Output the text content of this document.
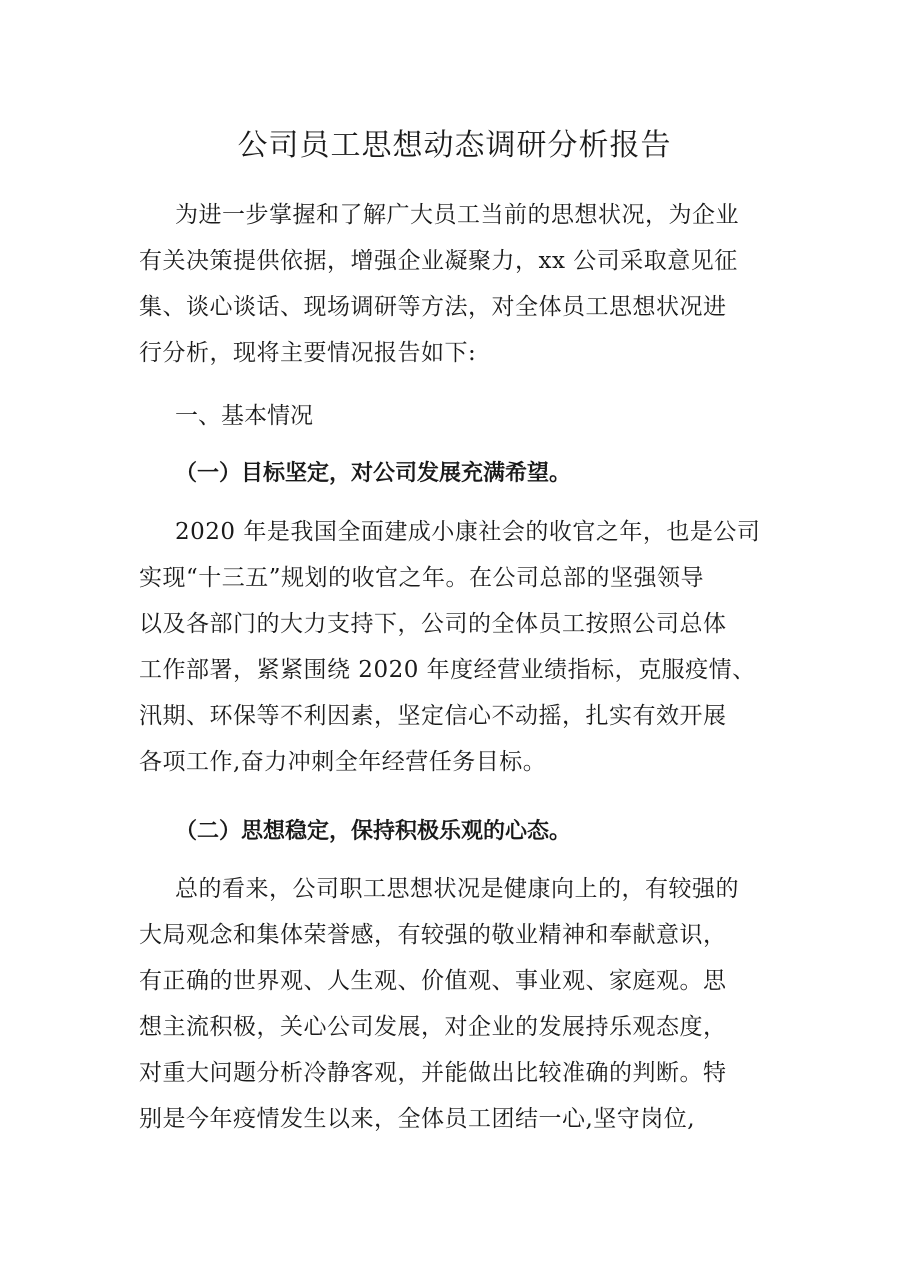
公司员工思想动态调研分析报告
为进一步掌握和了解广大员工当前的思想状况，为企业
有关决策提供依据，增强企业凝聚力，xx 公司采取意见征
集、谈心谈话、现场调研等方法，对全体员工思想状况进
行分析，现将主要情况报告如下:
一、基本情况
（一）目标坚定，对公司发展充满希望。
2020 年是我国全面建成小康社会的收官之年，也是公司
实现“十三五”规划的收官之年。在公司总部的坚强领导
以及各部门的大力支持下，公司的全体员工按照公司总体
工作部署，紧紧围绕 2020 年度经营业绩指标，克服疫情、
汛期、环保等不利因素，坚定信心不动摇，扎实有效开展
各项工作,奋力冲刺全年经营任务目标。
（二）思想稳定，保持积极乐观的心态。
总的看来，公司职工思想状况是健康向上的，有较强的
大局观念和集体荣誉感，有较强的敬业精神和奉献意识，
有正确的世界观、人生观、价值观、事业观、家庭观。思
想主流积极，关心公司发展，对企业的发展持乐观态度，
对重大问题分析冷静客观，并能做出比较准确的判断。特
别是今年疫情发生以来，全体员工团结一心,坚守岗位,
